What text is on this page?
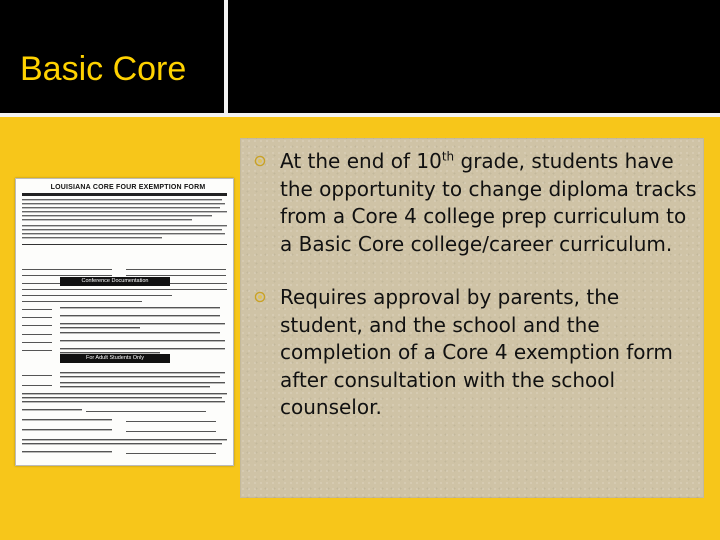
Basic Core
LOUISIANA CORE FOUR EXEMPTION FORM
Conference Documentation
For Adult Students Only
At the end of 10th grade, students have the opportunity to change diploma tracks from a Core 4 college prep curriculum to a Basic Core college/career curriculum.
Requires approval by parents, the student, and the school and the completion of a Core 4 exemption form after consultation with the school counselor.
